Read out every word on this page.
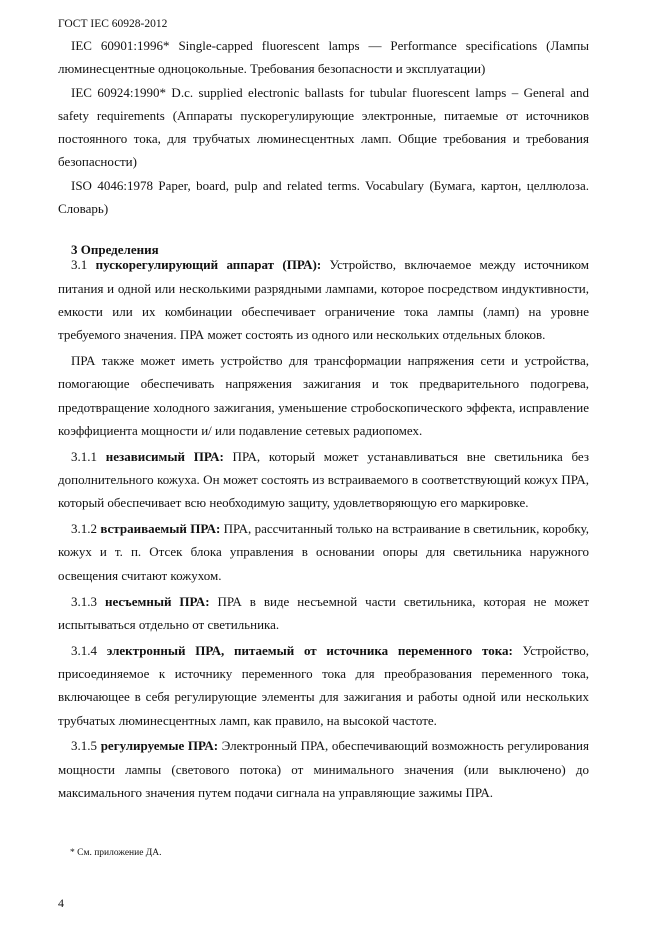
ГОСТ IEC 60928-2012

IEC 60901:1996* Single-capped fluorescent lamps — Performance specifications (Лампы люминесцентные одноцокольные. Требования безопасности и эксплуатации)

IEC 60924:1990* D.c. supplied electronic ballasts for tubular fluorescent lamps – General and safety requirements (Аппараты пускорегулирующие электронные, питаемые от источников постоянного тока, для трубчатых люминесцентных ламп. Общие требования и требования безопасности)

ISO 4046:1978 Paper, board, pulp and related terms. Vocabulary (Бумага, картон, целлюлоза. Словарь)

3 Определения

3.1 пускорегулирующий аппарат (ПРА): Устройство, включаемое между источником питания и одной или несколькими разрядными лампами, которое посредством индуктивности, емкости или их комбинации обеспечивает ограничение тока лампы (ламп) на уровне требуемого значения. ПРА может состоять из одного или нескольких отдельных блоков.

ПРА также может иметь устройство для трансформации напряжения сети и устройства, помогающие обеспечивать напряжения зажигания и ток предварительного подогрева, предотвращение холодного зажигания, уменьшение стробоскопического эффекта, исправление коэффициента мощности и/ или подавление сетевых радиопомех.

3.1.1 независимый ПРА: ПРА, который может устанавливаться вне светильника без дополнительного кожуха. Он может состоять из встраиваемого в соответствующий кожух ПРА, который обеспечивает всю необходимую защиту, удовлетворяющую его маркировке.

3.1.2 встраиваемый ПРА: ПРА, рассчитанный только на встраивание в светильник, коробку, кожух и т. п. Отсек блока управления в основании опоры для светильника наружного освещения считают кожухом.

3.1.3 несъемный ПРА: ПРА в виде несъемной части светильника, которая не может испытываться отдельно от светильника.

3.1.4 электронный ПРА, питаемый от источника переменного тока: Устройство, присоединяемое к источнику переменного тока для преобразования переменного тока, включающее в себя регулирующие элементы для зажигания и работы одной или нескольких трубчатых люминесцентных ламп, как правило, на высокой частоте.

3.1.5 регулируемые ПРА: Электронный ПРА, обеспечивающий возможность регулирования мощности лампы (светового потока) от минимального значения (или выключено) до максимального значения путем подачи сигнала на управляющие зажимы ПРА.

* См. приложение ДА.
4
